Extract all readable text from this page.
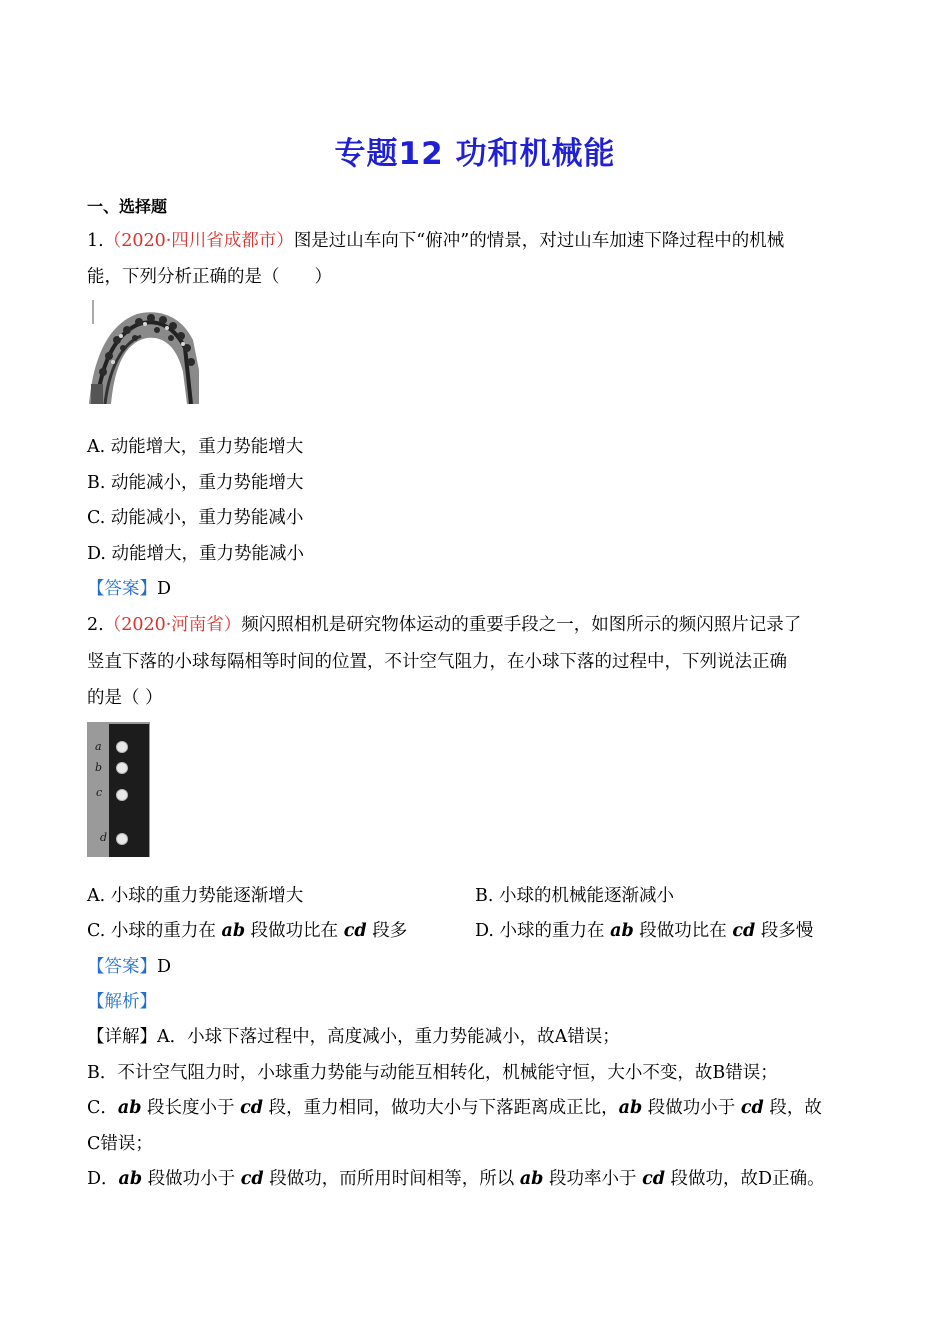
专题12 功和机械能
一、选择题
1.（2020·四川省成都市）图是过山车向下“俯冲”的情景，对过山车加速下降过程中的机械
能，下列分析正确的是（　　）
A. 动能增大，重力势能增大
B. 动能减小，重力势能增大
C. 动能减小，重力势能减小
D. 动能增大，重力势能减小
【答案】D
2.（2020·河南省）频闪照相机是研究物体运动的重要手段之一，如图所示的频闪照片记录了
竖直下落的小球每隔相等时间的位置，不计空气阻力，在小球下落的过程中，下列说法正确
的是（ ）
a
b
c
d
A. 小球的重力势能逐渐增大	B. 小球的机械能逐渐减小
C. 小球的重力在 ab 段做功比在 cd 段多	D. 小球的重力在 ab 段做功比在 cd 段多慢
【答案】D
【解析】
【详解】A．小球下落过程中，高度减小，重力势能减小，故A错误；
B．不计空气阻力时，小球重力势能与动能互相转化，机械能守恒，大小不变，故B错误；
C．ab 段长度小于 cd 段，重力相同，做功大小与下落距离成正比，ab 段做功小于 cd 段，故
C错误；
D．ab 段做功小于 cd 段做功，而所用时间相等，所以 ab 段功率小于 cd 段做功，故D正确。
